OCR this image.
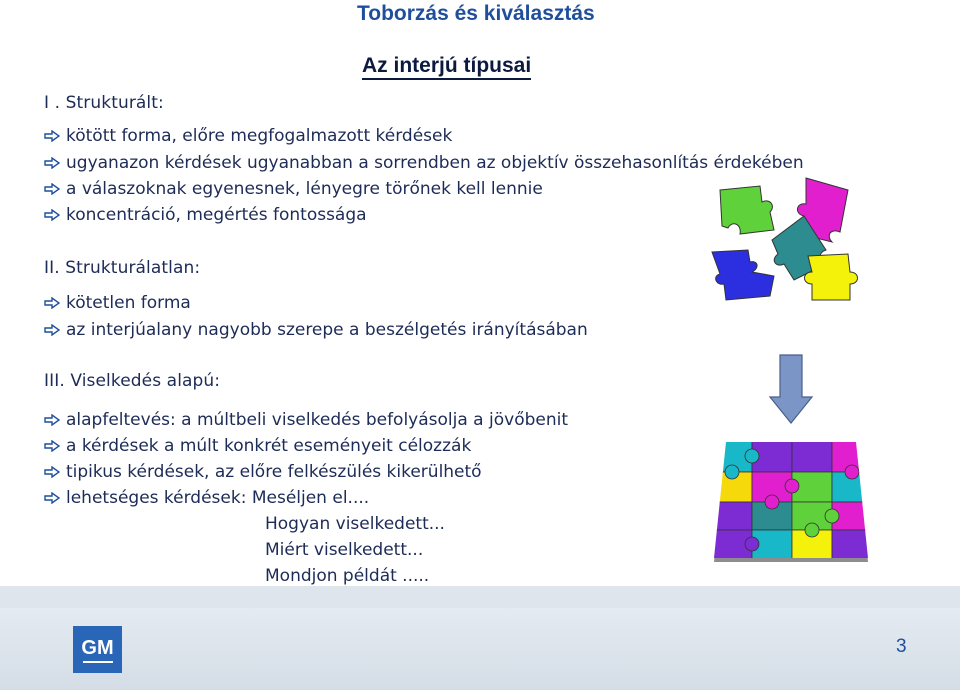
Toborzás és kiválasztás
Az interjú típusai
I . Strukturált:
kötött forma, előre megfogalmazott kérdések
ugyanazon kérdések ugyanabban a sorrendben az objektív összehasonlítás érdekében
a válaszoknak egyenesnek, lényegre törőnek kell lennie
koncentráció, megértés fontossága
II. Strukturálatlan:
kötetlen forma
az interjúalany nagyobb szerepe a beszélgetés irányításában
III. Viselkedés alapú:
alapfeltevés: a múltbeli viselkedés befolyásolja a jövőbenit
a kérdések a múlt konkrét eseményeit célozzák
tipikus kérdések, az előre felkészülés kikerülhető
lehetséges kérdések: Meséljen el....
Hogyan viselkedett...
Miért viselkedett...
Mondjon példát .....
GM	3
